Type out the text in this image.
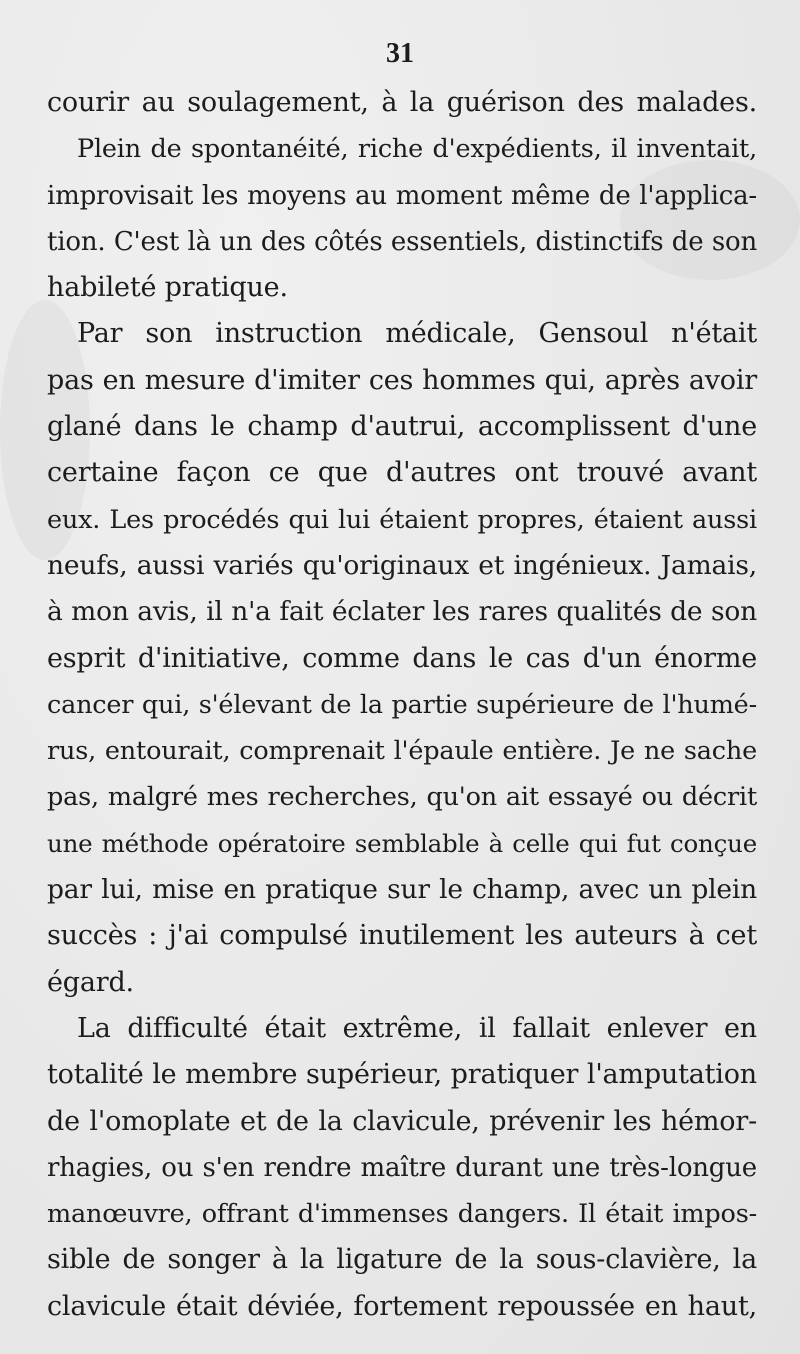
31
courir au soulagement, à la guérison des malades.
Plein de spontanéité, riche d'expédients, il inventait,
improvisait les moyens au moment même de l'applica-
tion. C'est là un des côtés essentiels, distinctifs de son
habileté pratique.
Par son instruction médicale, Gensoul n'était
pas en mesure d'imiter ces hommes qui, après avoir
glané dans le champ d'autrui, accomplissent d'une
certaine façon ce que d'autres ont trouvé avant
eux. Les procédés qui lui étaient propres, étaient aussi
neufs, aussi variés qu'originaux et ingénieux. Jamais,
à mon avis, il n'a fait éclater les rares qualités de son
esprit d'initiative, comme dans le cas d'un énorme
cancer qui, s'élevant de la partie supérieure de l'humé-
rus, entourait, comprenait l'épaule entière. Je ne sache
pas, malgré mes recherches, qu'on ait essayé ou décrit
une méthode opératoire semblable à celle qui fut conçue
par lui, mise en pratique sur le champ, avec un plein
succès : j'ai compulsé inutilement les auteurs à cet
égard.
La difficulté était extrême, il fallait enlever en
totalité le membre supérieur, pratiquer l'amputation
de l'omoplate et de la clavicule, prévenir les hémor-
rhagies, ou s'en rendre maître durant une très-longue
manœuvre, offrant d'immenses dangers. Il était impos-
sible de songer à la ligature de la sous-clavière, la
clavicule était déviée, fortement repoussée en haut,
